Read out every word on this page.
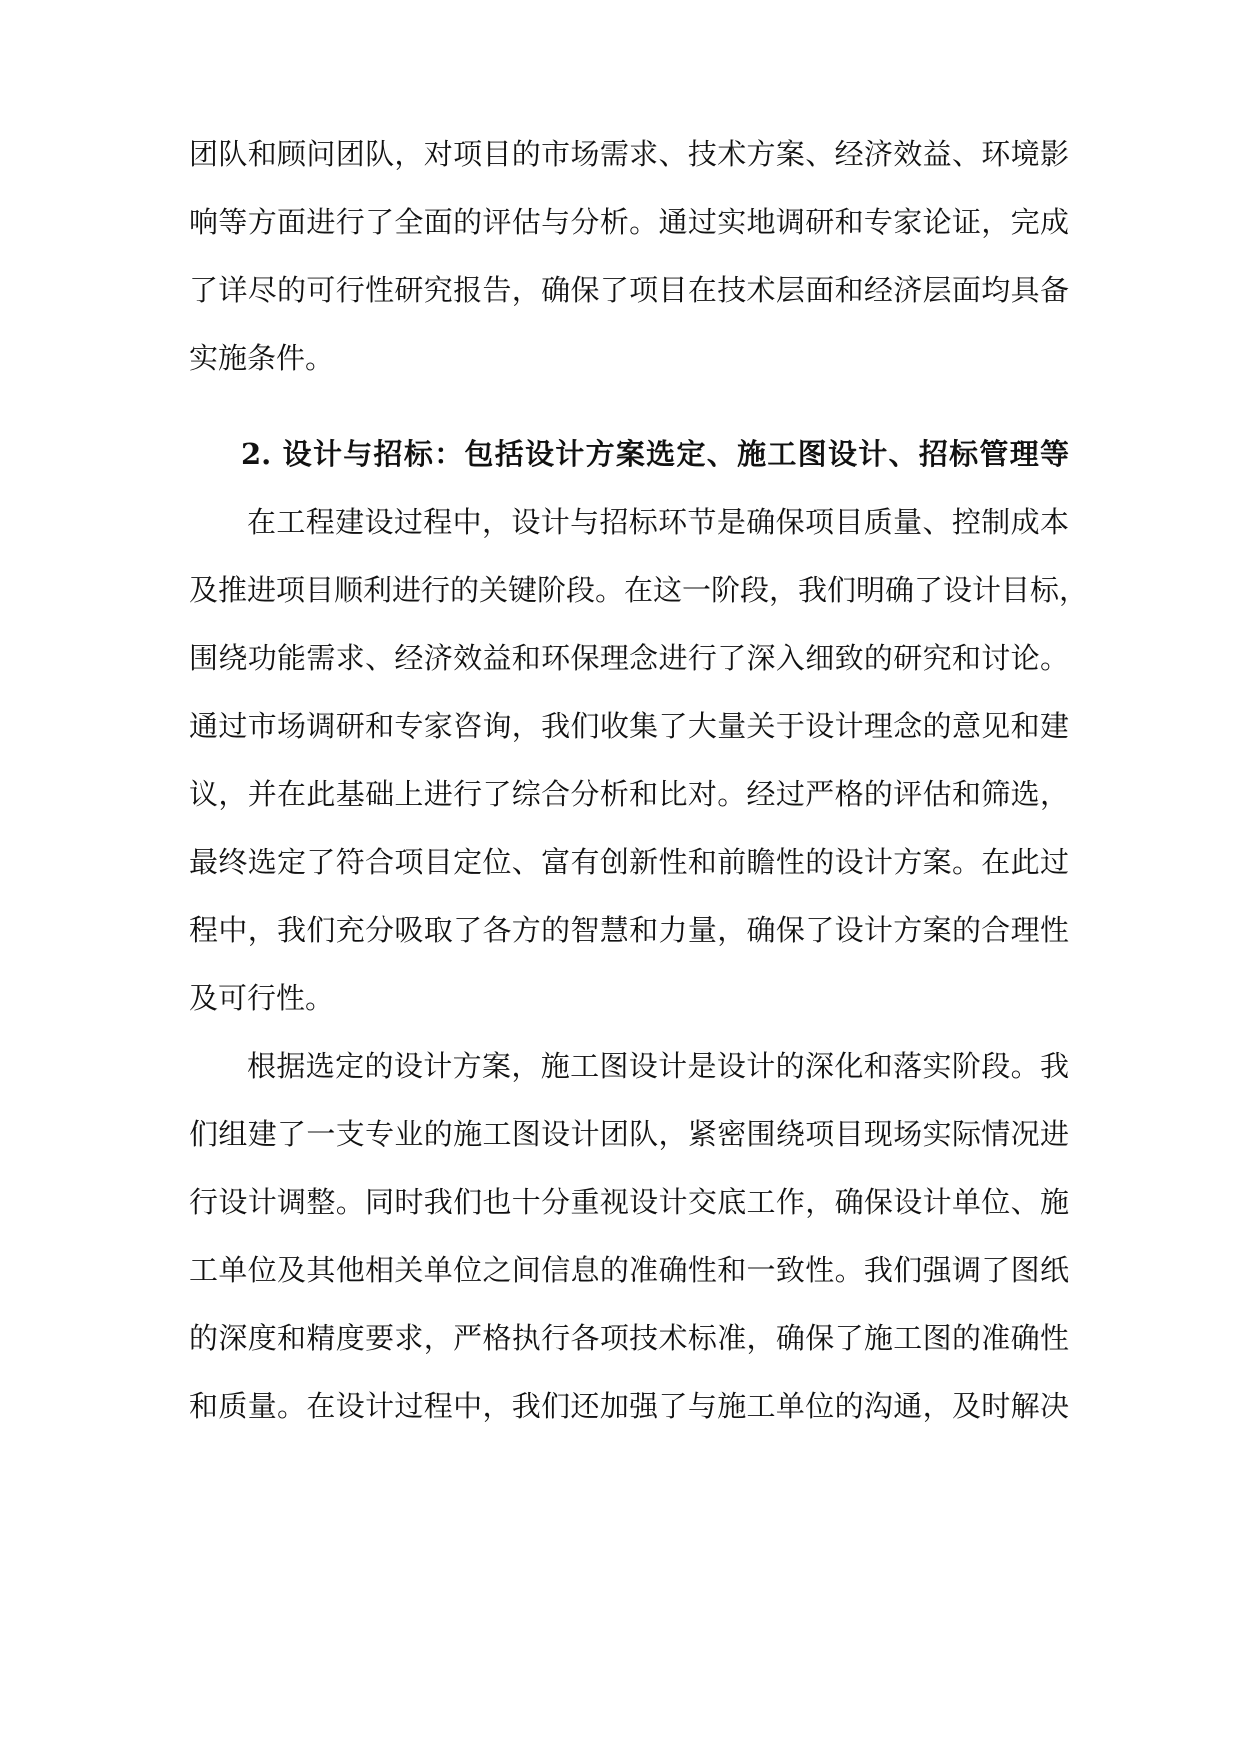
团队和顾问团队，对项目的市场需求、技术方案、经济效益、环境影
响等方面进行了全面的评估与分析。通过实地调研和专家论证，完成
了详尽的可行性研究报告，确保了项目在技术层面和经济层面均具备
实施条件。
2. 设计与招标：包括设计方案选定、施工图设计、招标管理等
在工程建设过程中，设计与招标环节是确保项目质量、控制成本
及推进项目顺利进行的关键阶段。在这一阶段，我们明确了设计目标，
围绕功能需求、经济效益和环保理念进行了深入细致的研究和讨论。
通过市场调研和专家咨询，我们收集了大量关于设计理念的意见和建
议，并在此基础上进行了综合分析和比对。经过严格的评估和筛选，
最终选定了符合项目定位、富有创新性和前瞻性的设计方案。在此过
程中，我们充分吸取了各方的智慧和力量，确保了设计方案的合理性
及可行性。
根据选定的设计方案，施工图设计是设计的深化和落实阶段。我
们组建了一支专业的施工图设计团队，紧密围绕项目现场实际情况进
行设计调整。同时我们也十分重视设计交底工作，确保设计单位、施
工单位及其他相关单位之间信息的准确性和一致性。我们强调了图纸
的深度和精度要求，严格执行各项技术标准，确保了施工图的准确性
和质量。在设计过程中，我们还加强了与施工单位的沟通，及时解决
